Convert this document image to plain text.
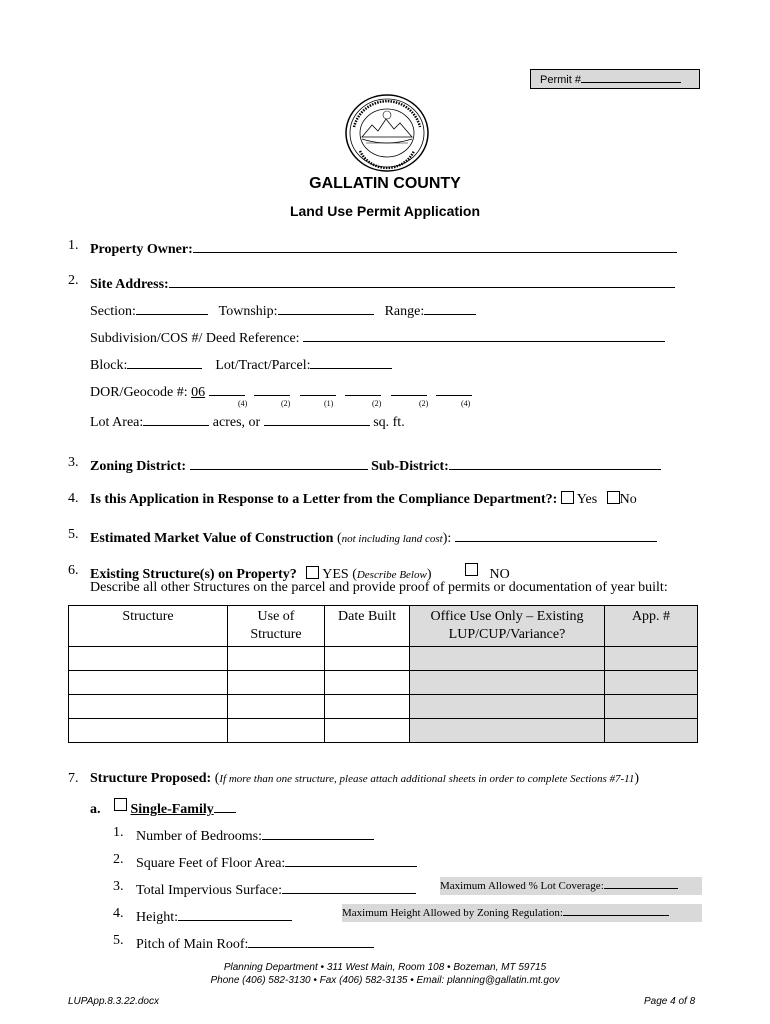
Permit #
GALLATIN COUNTY
Land Use Permit Application
1. Property Owner:
2. Site Address:
Section:	Township:	Range:
Subdivision/COS #/ Deed Reference:
Block:	Lot/Tract/Parcel:
DOR/Geocode #: 06
(4)	(2)	(1)	(2)	(2)	(4)
Lot Area:	acres, or	sq. ft.
3. Zoning District:	Sub-District:
4. Is this Application in Response to a Letter from the Compliance Department?: Yes No
5. Estimated Market Value of Construction (not including land cost):
6. Existing Structure(s) on Property? YES (Describe Below)	NO
Describe all other Structures on the parcel and provide proof of permits or documentation of year built:
Structure	Use of Structure	Date Built	Office Use Only – Existing LUP/CUP/Variance?	App. #

7. Structure Proposed: (If more than one structure, please attach additional sheets in order to complete Sections #7-11)
a. Single-Family
1. Number of Bedrooms:
2. Square Feet of Floor Area:
3. Total Impervious Surface:	Maximum Allowed % Lot Coverage:
4. Height:	Maximum Height Allowed by Zoning Regulation:
5. Pitch of Main Roof:
Planning Department • 311 West Main, Room 108 • Bozeman, MT 59715
Phone (406) 582-3130 • Fax (406) 582-3135 • Email: planning@gallatin.mt.gov
LUPApp.8.3.22.docx	Page 4 of 8
